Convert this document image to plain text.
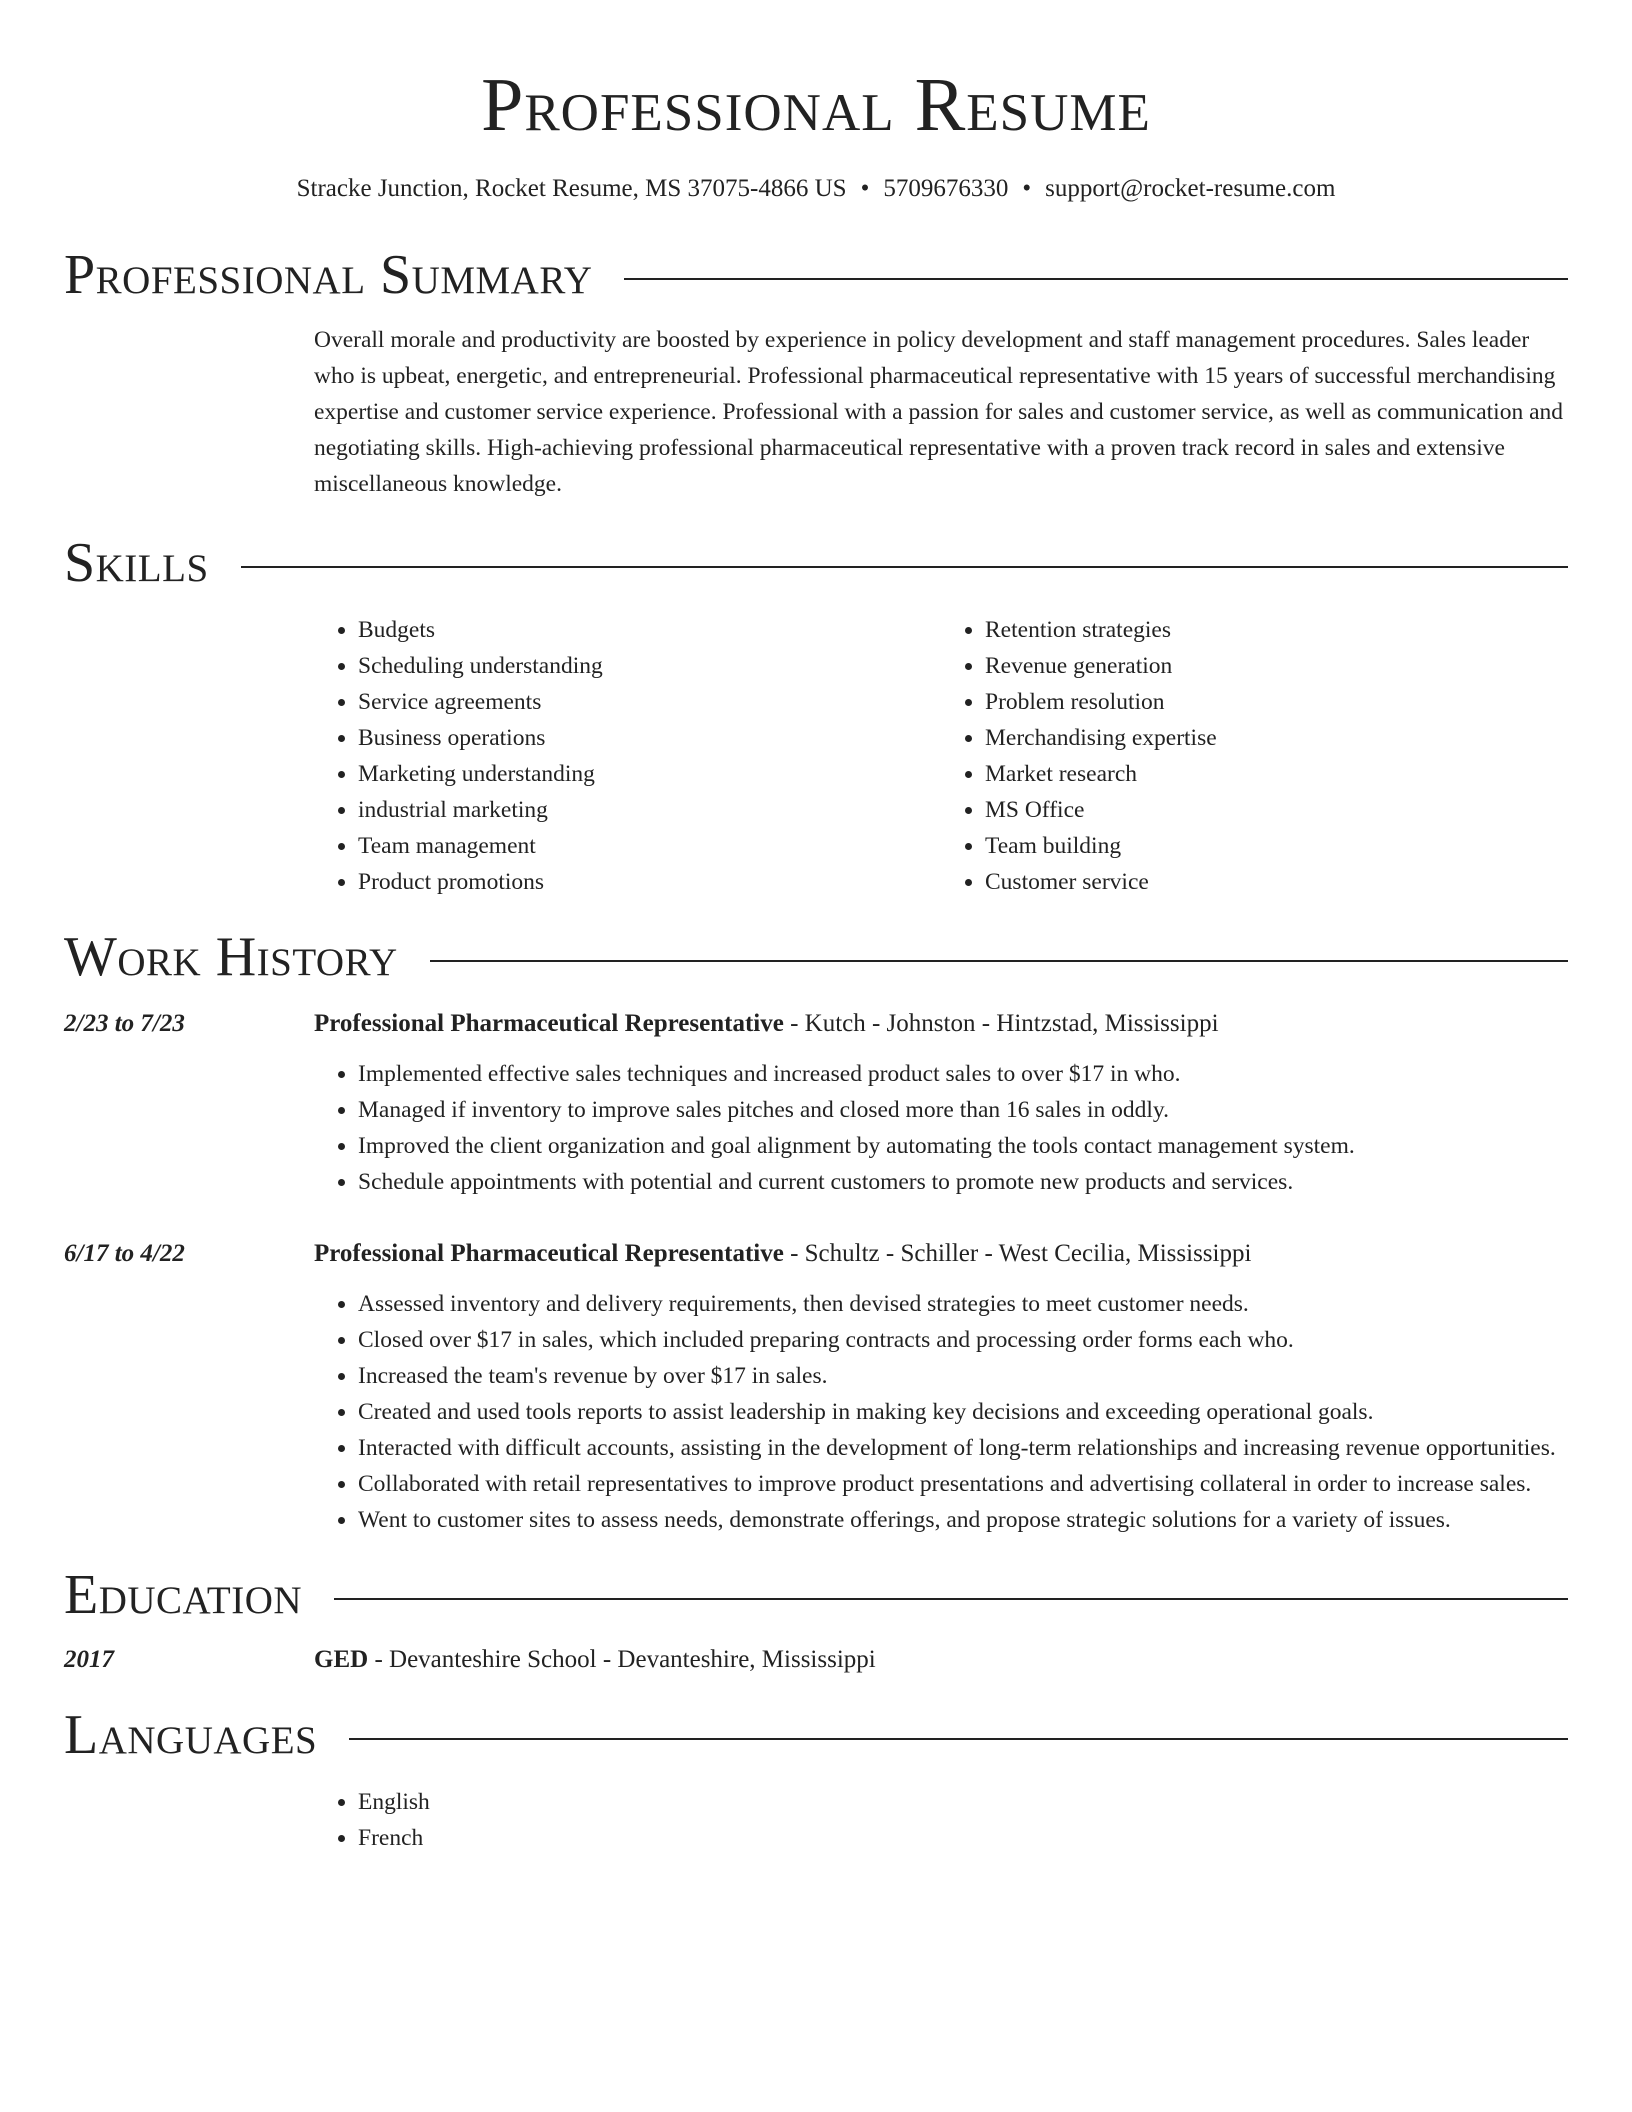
Professional Resume
Stracke Junction, Rocket Resume, MS 37075-4866 US • 5709676330 • support@rocket-resume.com
Professional Summary
Overall morale and productivity are boosted by experience in policy development and staff management procedures. Sales leader who is upbeat, energetic, and entrepreneurial. Professional pharmaceutical representative with 15 years of successful merchandising expertise and customer service experience. Professional with a passion for sales and customer service, as well as communication and negotiating skills. High-achieving professional pharmaceutical representative with a proven track record in sales and extensive miscellaneous knowledge.
Skills
• Budgets
• Scheduling understanding
• Service agreements
• Business operations
• Marketing understanding
• industrial marketing
• Team management
• Product promotions
• Retention strategies
• Revenue generation
• Problem resolution
• Merchandising expertise
• Market research
• MS Office
• Team building
• Customer service
Work History
2/23 to 7/23	Professional Pharmaceutical Representative - Kutch - Johnston - Hintzstad, Mississippi
• Implemented effective sales techniques and increased product sales to over $17 in who.
• Managed if inventory to improve sales pitches and closed more than 16 sales in oddly.
• Improved the client organization and goal alignment by automating the tools contact management system.
• Schedule appointments with potential and current customers to promote new products and services.
6/17 to 4/22	Professional Pharmaceutical Representative - Schultz - Schiller - West Cecilia, Mississippi
• Assessed inventory and delivery requirements, then devised strategies to meet customer needs.
• Closed over $17 in sales, which included preparing contracts and processing order forms each who.
• Increased the team's revenue by over $17 in sales.
• Created and used tools reports to assist leadership in making key decisions and exceeding operational goals.
• Interacted with difficult accounts, assisting in the development of long-term relationships and increasing revenue opportunities.
• Collaborated with retail representatives to improve product presentations and advertising collateral in order to increase sales.
• Went to customer sites to assess needs, demonstrate offerings, and propose strategic solutions for a variety of issues.
Education
2017	GED - Devanteshire School - Devanteshire, Mississippi
Languages
• English
• French
